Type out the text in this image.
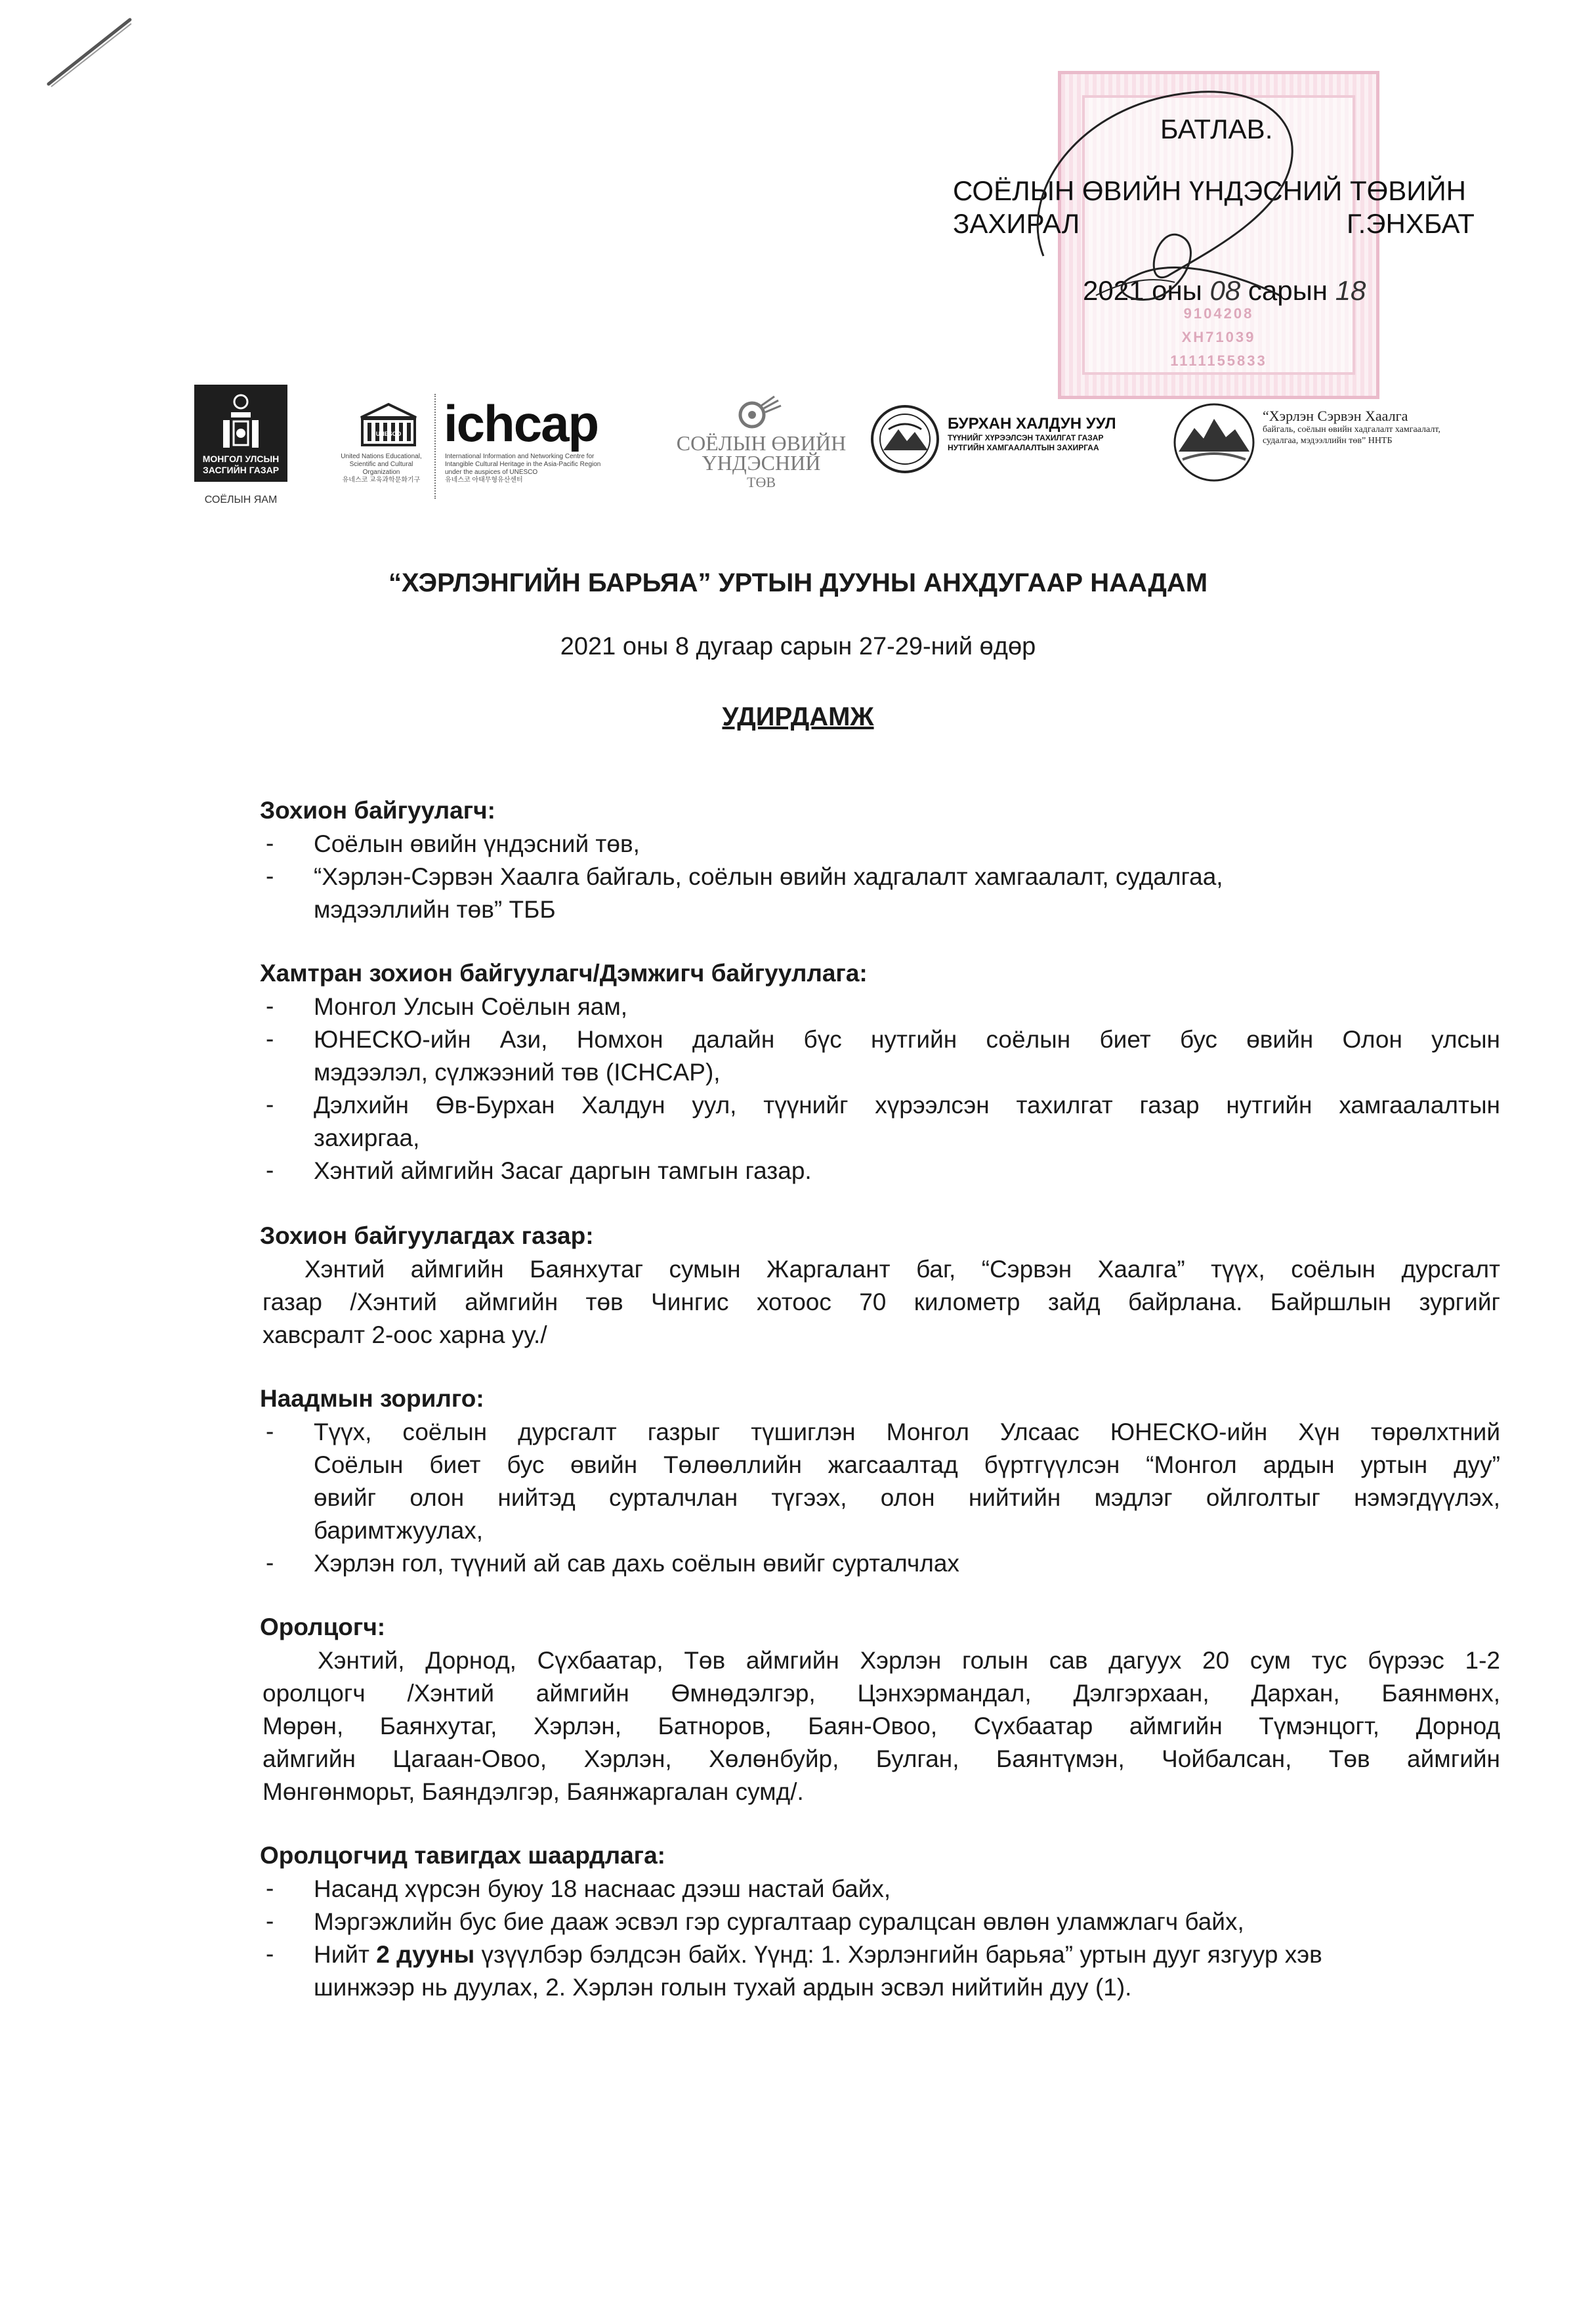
9104208
ХН71039
1111155833
БАТЛАВ.
СОЁЛЫН ӨВИЙН ҮНДЭСНИЙ ТӨВИЙН
ЗАХИРАЛ	Г.ЭНХБАТ
2021 оны 08 сарын 18
МОНГОЛ УЛСЫН ЗАСГИЙН ГАЗАР
СОЁЛЫН ЯАМ
UNESCO
United Nations Educational, Scientific and Cultural Organization
유네스코 교육과학문화기구
ichcap
International Information and Networking Centre for Intangible Cultural Heritage in the Asia-Pacific Region under the auspices of UNESCO
유네스코 아태무형유산센터
СОЁЛЫН ӨВИЙН
ҮНДЭСНИЙ
ТӨВ
БУРХАН ХАЛДУН УУЛ
ТҮҮНИЙГ ХҮРЭЭЛСЭН ТАХИЛГАТ ГАЗАР
НУТГИЙН ХАМГААЛАЛТЫН ЗАХИРГАА
“Хэрлэн Сэрвэн Хаалга
байгаль, соёлын өвийн хадгалалт хамгаалалт,
судалгаа, мэдээллийн төв” ННТБ
“ХЭРЛЭНГИЙН БАРЬЯА” УРТЫН ДУУНЫ АНХДУГААР НААДАМ
2021 оны 8 дугаар сарын 27-29-ний өдөр
УДИРДАМЖ
Зохион байгуулагч:
- Соёлын өвийн үндэсний төв,
- “Хэрлэн-Сэрвэн Хаалга байгаль, соёлын өвийн хадгалалт хамгаалалт, судалгаа,
мэдээллийн төв” ТББ
Хамтран зохион байгуулагч/Дэмжигч байгууллага:
- Монгол Улсын Соёлын яам,
- ЮНЕСКО-ийн Ази, Номхон далайн бүс нутгийн соёлын биет бус өвийн Олон улсын
мэдээлэл, сүлжээний төв (ICHCAP),
- Дэлхийн Өв-Бурхан Халдун уул, түүнийг хүрээлсэн тахилгат газар нутгийн хамгаалалтын
захиргаа,
- Хэнтий аймгийн Засаг даргын тамгын газар.
Зохион байгуулагдах газар:
Хэнтий аймгийн Баянхутаг сумын Жаргалант баг, “Сэрвэн Хаалга” түүх, соёлын дурсгалт
газар /Хэнтий аймгийн төв Чингис хотоос 70 километр зайд байрлана. Байршлын зургийг
хавсралт 2-оос харна уу./
Наадмын зорилго:
- Түүх, соёлын дурсгалт газрыг түшиглэн Монгол Улсаас ЮНЕСКО-ийн Хүн төрөлхтний
Соёлын биет бус өвийн Төлөөллийн жагсаалтад бүртгүүлсэн “Монгол ардын уртын дуу”
өвийг олон нийтэд сурталчлан түгээх, олон нийтийн мэдлэг ойлголтыг нэмэгдүүлэх,
баримтжуулах,
- Хэрлэн гол, түүний ай сав дахь соёлын өвийг сурталчлах
Оролцогч:
Хэнтий, Дорнод, Сүхбаатар, Төв аймгийн Хэрлэн голын сав дагуух 20 сум тус бүрээс 1-2
оролцогч /Хэнтий аймгийн Өмнөдэлгэр, Цэнхэрмандал, Дэлгэрхаан, Дархан, Баянмөнх,
Мөрөн, Баянхутаг, Хэрлэн, Батноров, Баян-Овоо, Сүхбаатар аймгийн Түмэнцогт, Дорнод
аймгийн Цагаан-Овоо, Хэрлэн, Хөлөнбуйр, Булган, Баянтүмэн, Чойбалсан, Төв аймгийн
Мөнгөнморьт, Баяндэлгэр, Баянжаргалан сумд/.
Оролцогчид тавигдах шаардлага:
- Насанд хүрсэн буюу 18 наснаас дээш настай байх,
- Мэргэжлийн бус бие дааж эсвэл гэр сургалтаар суралцсан өвлөн уламжлагч байх,
- Нийт 2 дууны үзүүлбэр бэлдсэн байх. Үүнд: 1. Хэрлэнгийн барьяа” уртын дууг язгуур хэв
шинжээр нь дуулах, 2. Хэрлэн голын тухай ардын эсвэл нийтийн дуу (1).
